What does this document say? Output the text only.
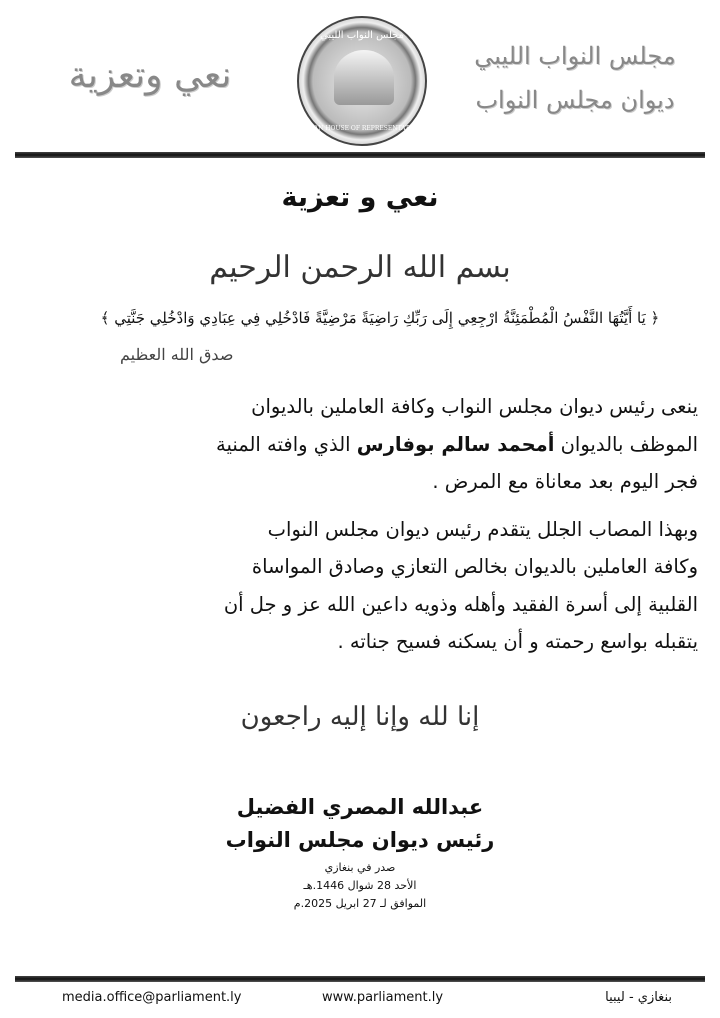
مجلس النواب الليبي
ديوان مجلس النواب
مجلس النواب الليبي
LIBYAN HOUSE OF REPRESENTATIVES
نعي وتعزية
نعي و تعزية
بسم الله الرحمن الرحيم
﴿ يَا أَيَّتُهَا النَّفْسُ الْمُطْمَئِنَّةُ ارْجِعِي إِلَى رَبِّكِ رَاضِيَةً مَرْضِيَّةً فَادْخُلِي فِي عِبَادِي وَادْخُلِي جَنَّتِي ﴾
صدق الله العظيم
ينعى رئيس ديوان مجلس النواب وكافة العاملين بالديوان
الموظف بالديوان أمحمد سالم بوفارس الذي وافته المنية
فجر اليوم بعد معاناة مع المرض .
وبهذا المصاب الجلل يتقدم رئيس ديوان مجلس النواب
وكافة العاملين بالديوان بخالص التعازي وصادق المواساة
القلبية إلى أسرة الفقيد وأهله وذويه داعين الله عز و جل أن
يتقبله بواسع رحمته و أن يسكنه فسيح جناته .
إنا لله وإنا إليه راجعون
عبدالله المصري الفضيل
رئيس ديوان مجلس النواب
صدر في بنغازي
الأحد 28 شوال 1446.هـ
الموافق لـ 27 ابريل 2025.م
media.office@parliament.ly	www.parliament.ly	بنغازي - ليبيا
